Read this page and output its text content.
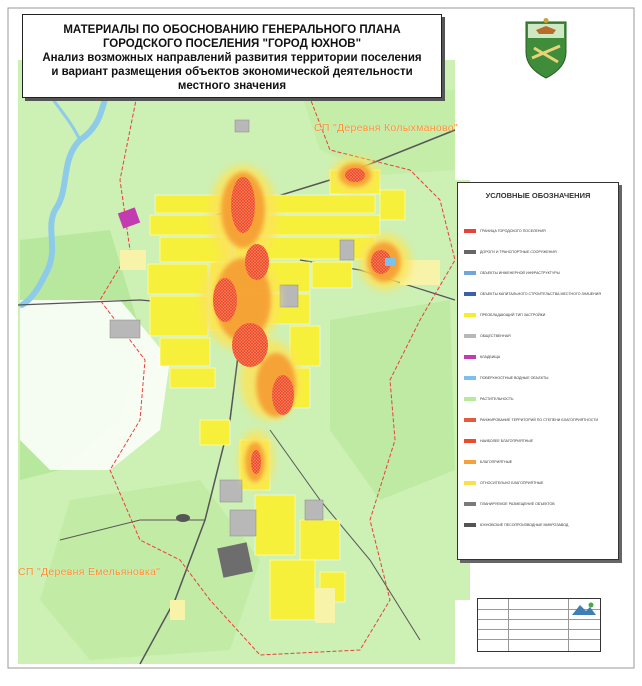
МАТЕРИАЛЫ ПО ОБОСНОВАНИЮ ГЕНЕРАЛЬНОГО ПЛАНА
ГОРОДСКОГО ПОСЕЛЕНИЯ "ГОРОД ЮХНОВ"
Анализ возможных направлений развития территории поселения
и вариант размещения объектов экономической деятельности
местного значения
СП "Деревня Колыхманово"
СП "Деревня Емельяновка"
УСЛОВНЫЕ ОБОЗНАЧЕНИЯ
ГРАНИЦА ГОРОДСКОГО ПОСЕЛЕНИЯ
ДОРОГИ И ТРАНСПОРТНЫЕ СООРУЖЕНИЯ
ОБЪЕКТЫ ИНЖЕНЕРНОЙ ИНФРАСТРУКТУРЫ
ОБЪЕКТЫ КАПИТАЛЬНОГО СТРОИТЕЛЬСТВА МЕСТНОГО ЗНАЧЕНИЯ
ПРЕОБЛАДАЮЩИЙ ТИП ЗАСТРОЙКИ
ОБЩЕСТВЕННАЯ
КЛАДБИЩА
ПОВЕРХНОСТНЫЕ ВОДНЫЕ ОБЪЕКТЫ
РАСТИТЕЛЬНОСТЬ
РАНЖИРОВАНИЕ ТЕРРИТОРИЙ ПО СТЕПЕНИ БЛАГОПРИЯТНОСТИ
НАИБОЛЕЕ БЛАГОПРИЯТНЫЕ
БЛАГОПРИЯТНЫЕ
ОТНОСИТЕЛЬНО БЛАГОПРИЯТНЫЕ
ПЛАНИРУЕМОЕ РАЗМЕЩЕНИЕ ОБЪЕКТОВ
ЮХНОВСКИЕ ПЕСОПРОИЗВОДНЫЕ МИКРОЗАВОД
